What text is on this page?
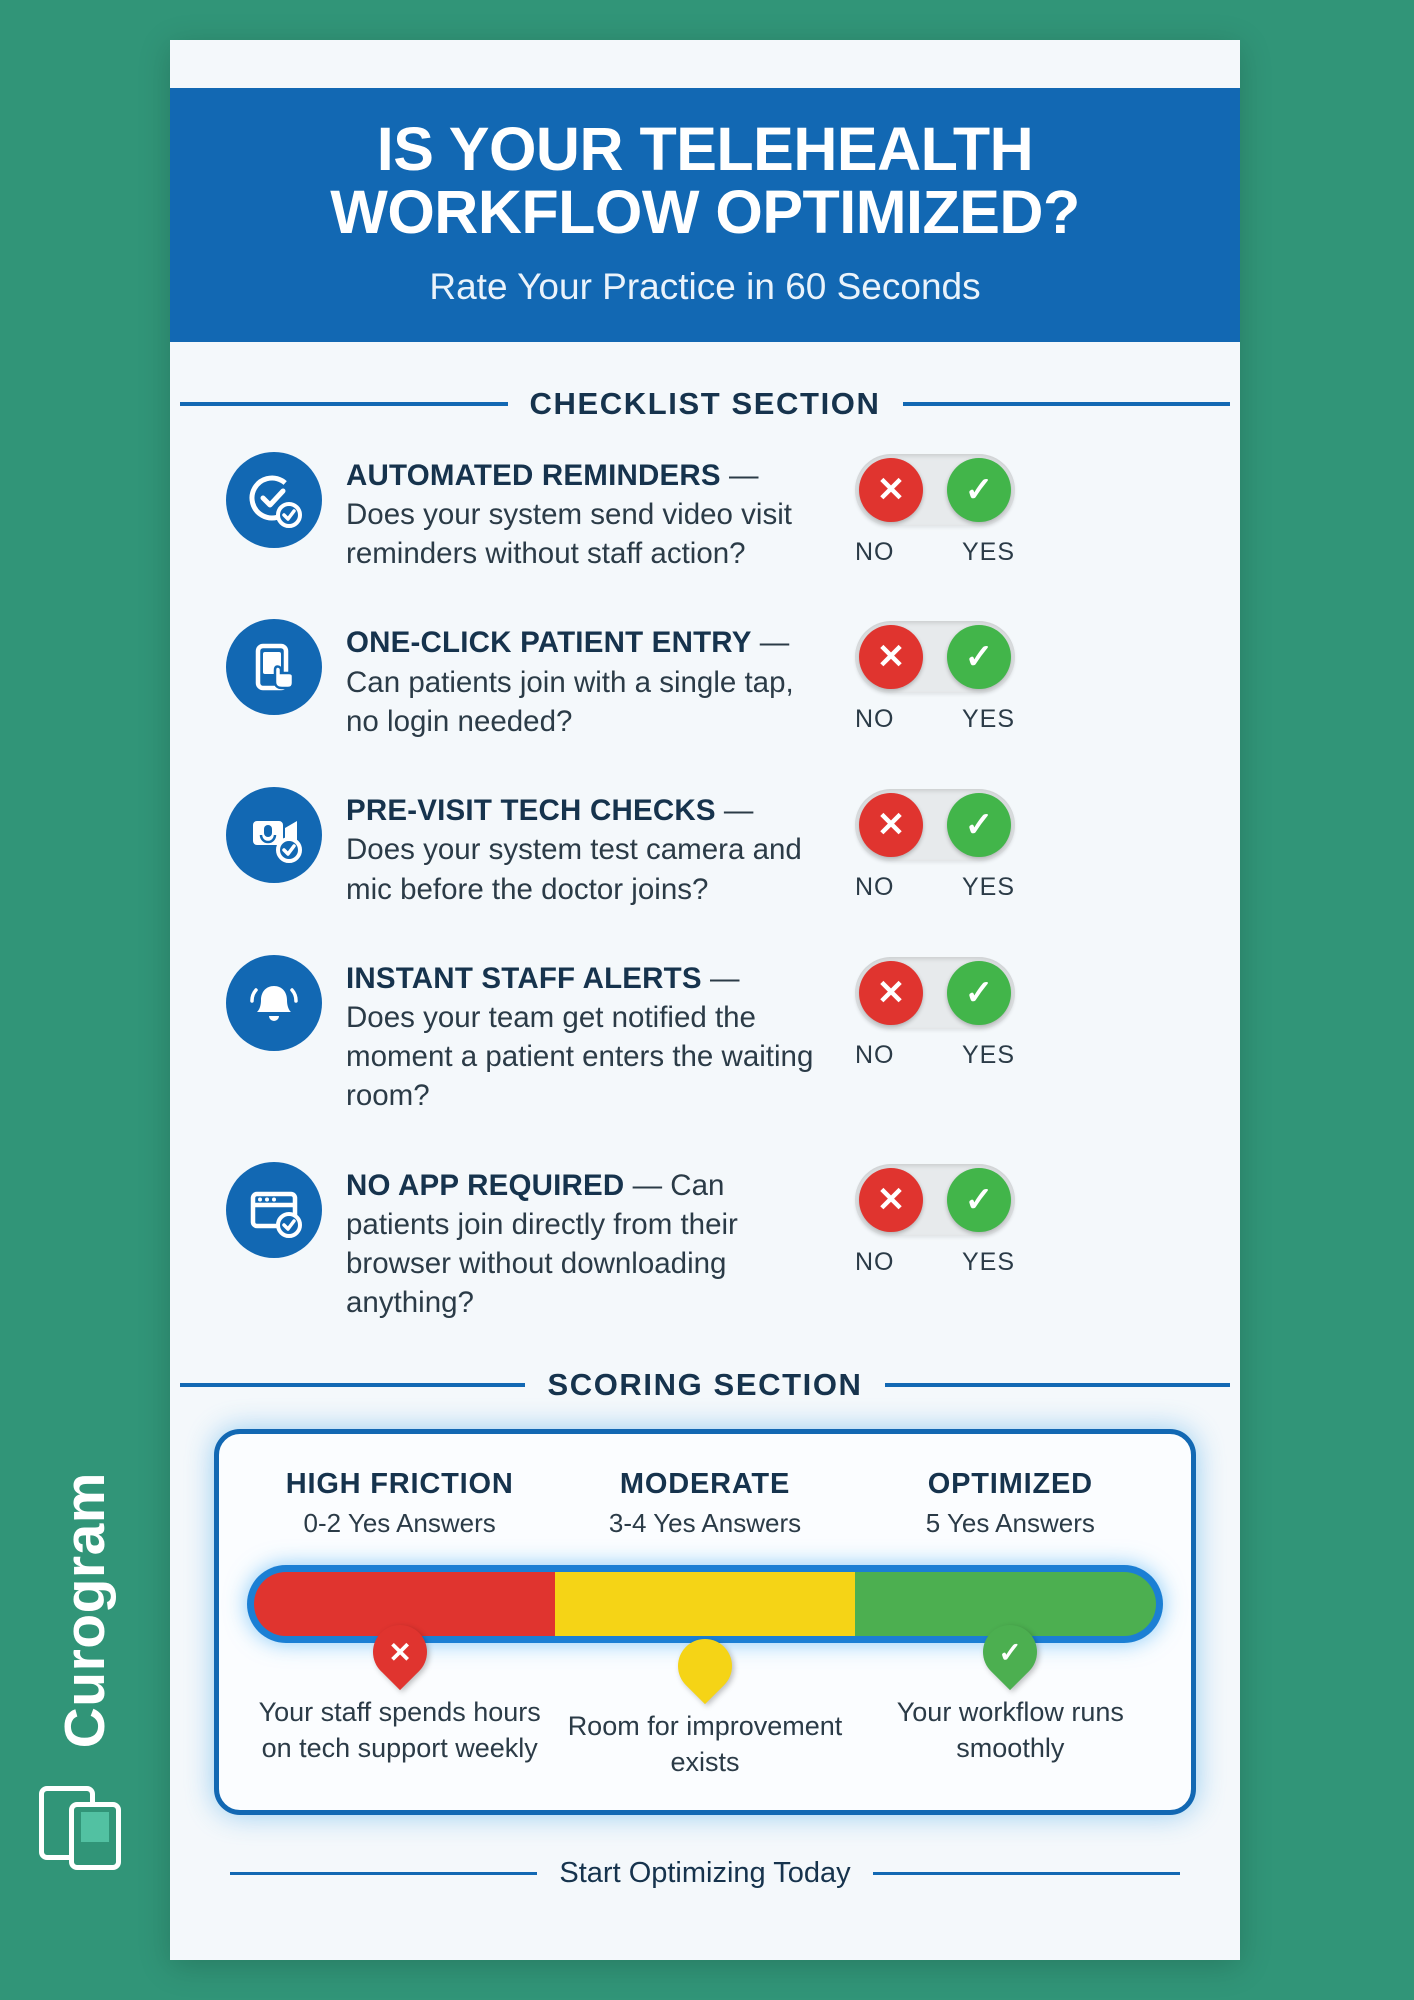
Curogram
IS YOUR TELEHEALTH
WORKFLOW OPTIMIZED?
Rate Your Practice in 60 Seconds
CHECKLIST SECTION
AUTOMATED REMINDERS — Does your system send video visit reminders without staff action?
✕	✓
NO	YES
ONE-CLICK PATIENT ENTRY — Can patients join with a single tap, no login needed?
✕	✓
NO	YES
PRE-VISIT TECH CHECKS — Does your system test camera and mic before the doctor joins?
✕	✓
NO	YES
INSTANT STAFF ALERTS — Does your team get notified the moment a patient enters the waiting room?
✕	✓
NO	YES
NO APP REQUIRED — Can patients join directly from their browser without downloading anything?
✕	✓
NO	YES
SCORING SECTION
HIGH FRICTION
0-2 Yes Answers
MODERATE
3-4 Yes Answers
OPTIMIZED
5 Yes Answers
✕
Your staff spends hours on tech support weekly
Room for improvement exists
✓
Your workflow runs smoothly
Start Optimizing Today
